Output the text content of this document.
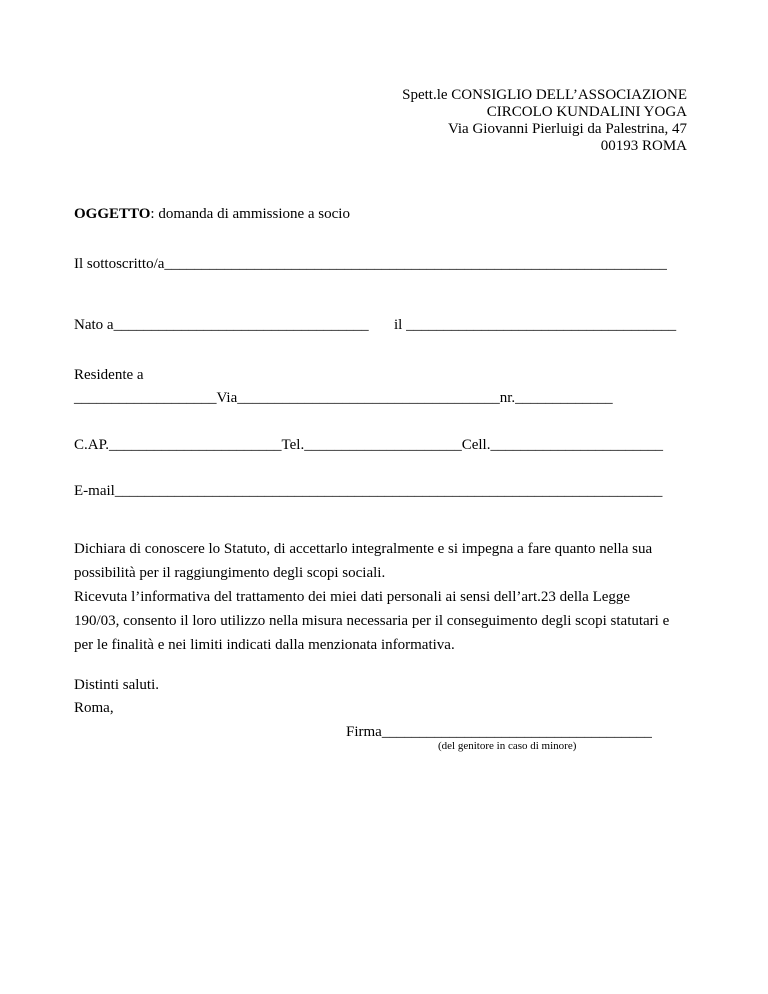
Spett.le CONSIGLIO DELL’ASSOCIAZIONE
CIRCOLO KUNDALINI YOGA
Via Giovanni Pierluigi da Palestrina, 47
00193 ROMA
OGGETTO: domanda di ammissione a socio
Il sottoscritto/a___________________________________________________________________
Nato a__________________________________ il ____________________________________
Residente a
___________________Via___________________________________nr._____________
C.AP._______________________Tel._____________________Cell._______________________
E-mail_________________________________________________________________________
Dichiara di conoscere lo Statuto, di accettarlo integralmente e si impegna a fare quanto nella sua
possibilità per il raggiungimento degli scopi sociali.
Ricevuta l’informativa del trattamento dei miei dati personali ai sensi dell’art.23 della Legge
190/03, consento il loro utilizzo nella misura necessaria per il conseguimento degli scopi statutari e
per le finalità e nei limiti indicati dalla menzionata informativa.
Distinti saluti.
Roma,
Firma____________________________________
(del genitore in caso di minore)
